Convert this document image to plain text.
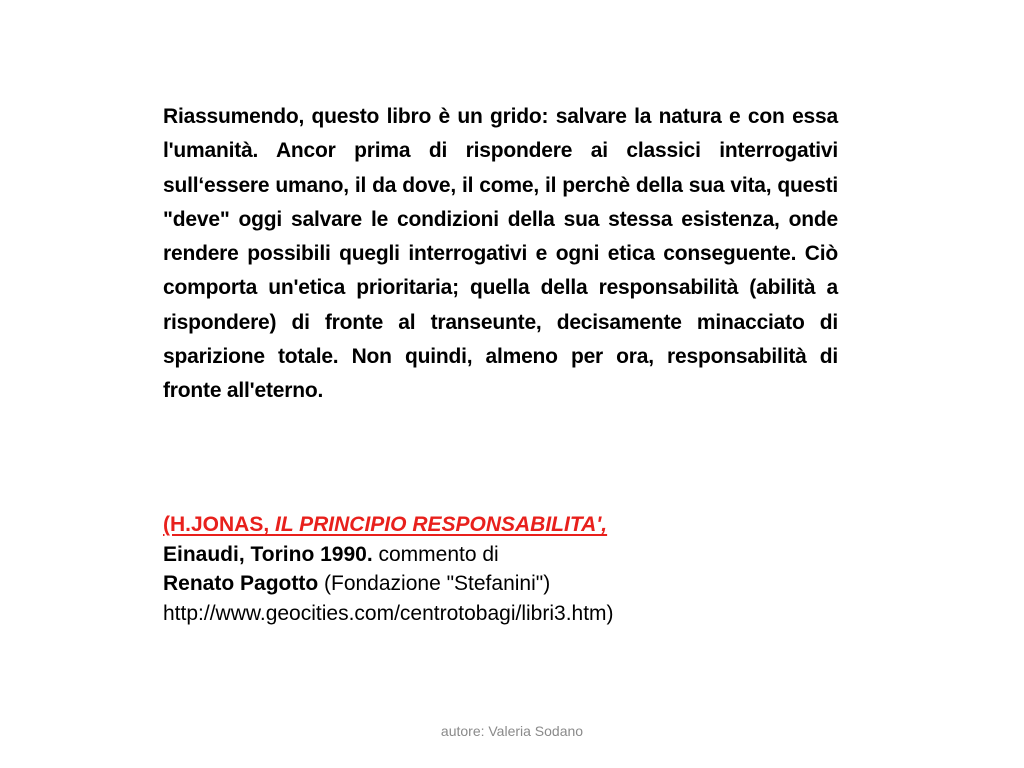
Riassumendo, questo libro è un grido: salvare la natura e con essa l'umanità. Ancor prima di rispondere ai classici interrogativi sull‘essere umano, il da dove, il come, il perchè della sua vita, questi "deve" oggi salvare le condizioni della sua stessa esistenza, onde rendere possibili quegli interrogativi e ogni etica conseguente. Ciò comporta un'etica prioritaria; quella della responsabilità (abilità a rispondere) di fronte al transeunte, decisamente minacciato di sparizione totale. Non quindi, almeno per ora, responsabilità di fronte all'eterno.

(H.JONAS, IL PRINCIPIO RESPONSABILITA',
Einaudi, Torino 1990. commento di
Renato Pagotto (Fondazione "Stefanini")
http://www.geocities.com/centrotobagi/libri3.htm)
autore: Valeria Sodano
